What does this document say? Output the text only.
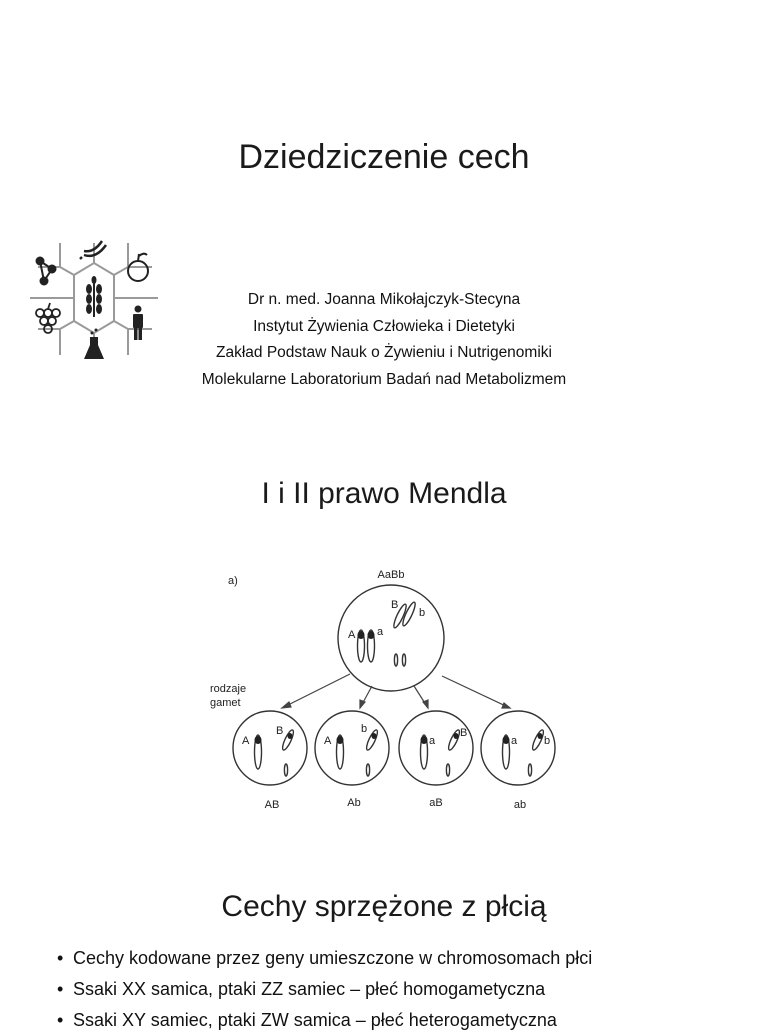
Dziedziczenie cech
Dr n. med. Joanna Mikołajczyk-Stecyna
Instytut Żywienia Człowieka i Dietetyki
Zakład Podstaw Nauk o Żywieniu i Nutrigenomiki
Molekularne Laboratorium Badań nad Metabolizmem
I i II prawo Mendla
a)	AaBb
rodzaje
gamet
A a
B
b
A
B
A
b
a
B
a b
AB	Ab	aB	ab
Cechy sprzężone z płcią
• Cechy kodowane przez geny umieszczone w chromosomach płci
• Ssaki XX samica, ptaki ZZ samiec – płeć homogametyczna
• Ssaki XY samiec, ptaki ZW samica – płeć heterogametyczna
